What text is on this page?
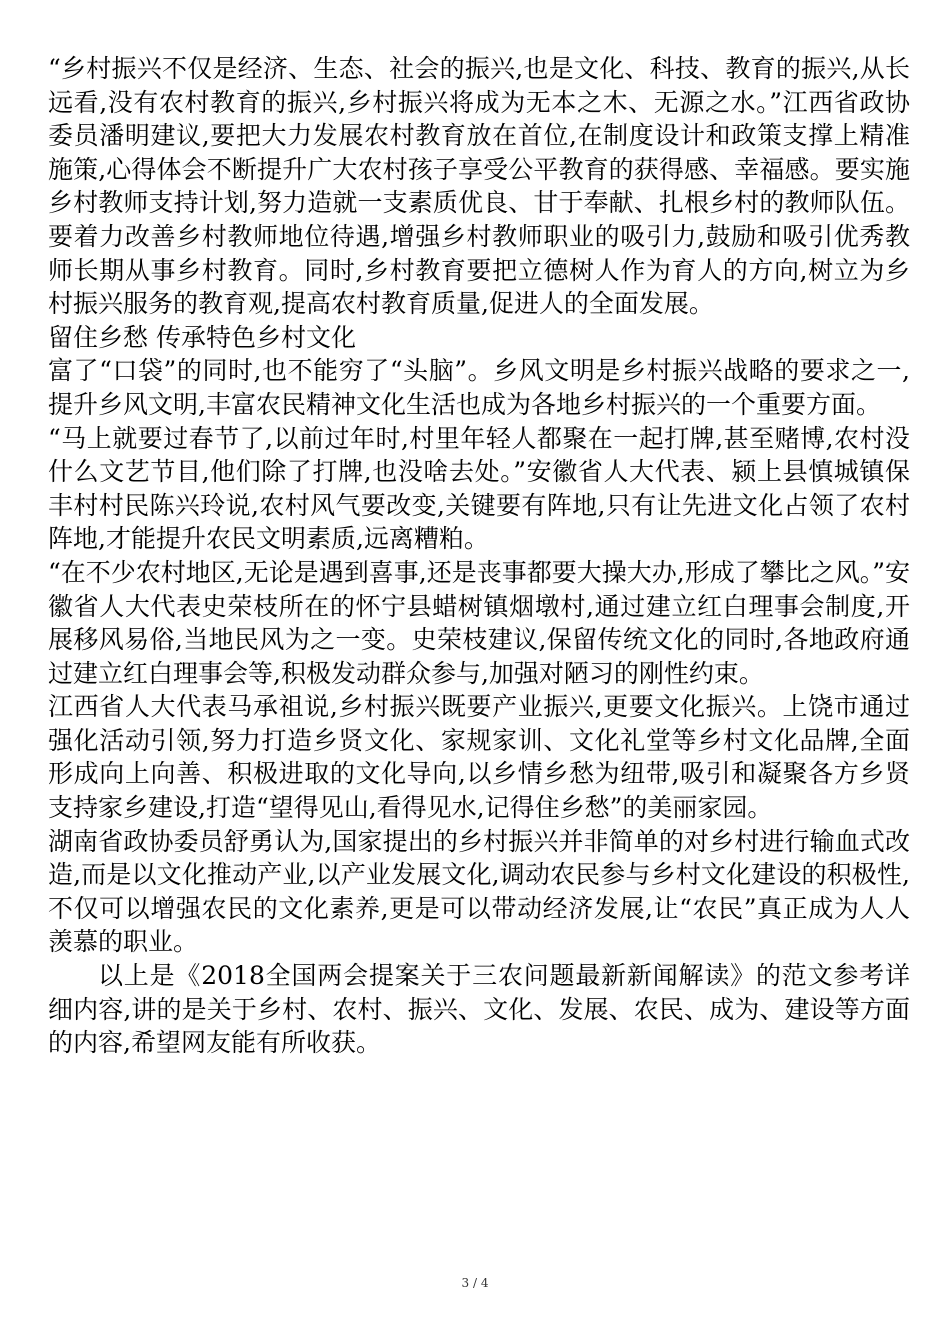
“乡村振兴不仅是经济、生态、社会的振兴,也是文化、科技、教育的振兴,从长远看,没有农村教育的振兴,乡村振兴将成为无本之木、无源之水。”江西省政协委员潘明建议,要把大力发展农村教育放在首位,在制度设计和政策支撑上精准施策,心得体会不断提升广大农村孩子享受公平教育的获得感、幸福感。要实施乡村教师支持计划,努力造就一支素质优良、甘于奉献、扎根乡村的教师队伍。要着力改善乡村教师地位待遇,增强乡村教师职业的吸引力,鼓励和吸引优秀教师长期从事乡村教育。同时,乡村教育要把立德树人作为育人的方向,树立为乡村振兴服务的教育观,提高农村教育质量,促进人的全面发展。

留住乡愁 传承特色乡村文化

富了“口袋”的同时,也不能穷了“头脑”。乡风文明是乡村振兴战略的要求之一,提升乡风文明,丰富农民精神文化生活也成为各地乡村振兴的一个重要方面。

“马上就要过春节了,以前过年时,村里年轻人都聚在一起打牌,甚至赌博,农村没什么文艺节目,他们除了打牌,也没啥去处。”安徽省人大代表、颍上县慎城镇保丰村村民陈兴玲说,农村风气要改变,关键要有阵地,只有让先进文化占领了农村阵地,才能提升农民文明素质,远离糟粕。

“在不少农村地区,无论是遇到喜事,还是丧事都要大操大办,形成了攀比之风。”安徽省人大代表史荣枝所在的怀宁县蜡树镇烟墩村,通过建立红白理事会制度,开展移风易俗,当地民风为之一变。史荣枝建议,保留传统文化的同时,各地政府通过建立红白理事会等,积极发动群众参与,加强对陋习的刚性约束。

江西省人大代表马承祖说,乡村振兴既要产业振兴,更要文化振兴。上饶市通过强化活动引领,努力打造乡贤文化、家规家训、文化礼堂等乡村文化品牌,全面形成向上向善、积极进取的文化导向,以乡情乡愁为纽带,吸引和凝聚各方乡贤支持家乡建设,打造“望得见山,看得见水,记得住乡愁”的美丽家园。

湖南省政协委员舒勇认为,国家提出的乡村振兴并非简单的对乡村进行输血式改造,而是以文化推动产业,以产业发展文化,调动农民参与乡村文化建设的积极性,不仅可以增强农民的文化素养,更是可以带动经济发展,让“农民”真正成为人人羡慕的职业。

以上是《2018全国两会提案关于三农问题最新新闻解读》的范文参考详细内容,讲的是关于乡村、农村、振兴、文化、发展、农民、成为、建设等方面的内容,希望网友能有所收获。

3 / 4
